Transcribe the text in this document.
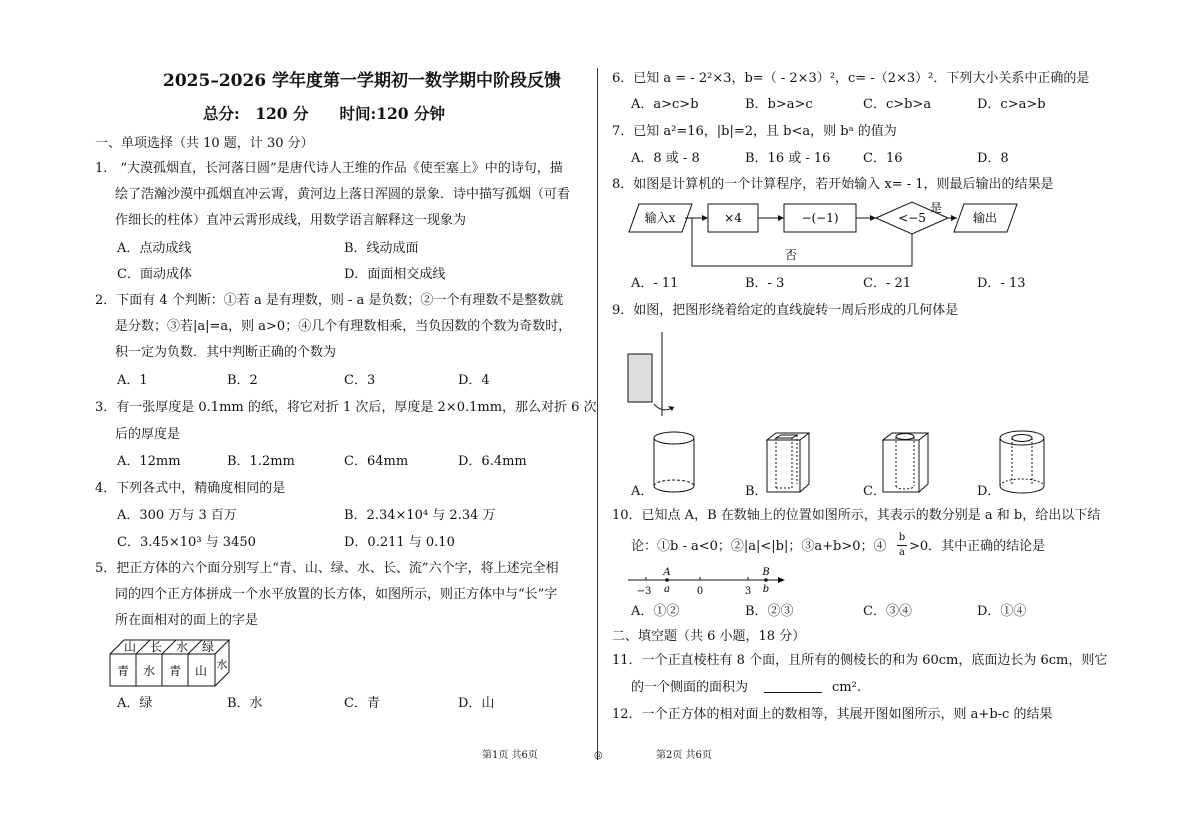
2025–2026 学年度第一学期初一数学期中阶段反馈
总分:　120 分　　时间:120 分钟
一、单项选择（共 10 题，计 30 分）
1.　“大漠孤烟直，长河落日圆”是唐代诗人王维的作品《使至塞上》中的诗句，描
绘了浩瀚沙漠中孤烟直冲云霄，黄河边上落日浑圆的景象．诗中描写孤烟（可看
作细长的柱体）直冲云霄形成线，用数学语言解释这一现象为
A．点动成线	B．线动成面
C．面动成体	D．面面相交成线
2．下面有 4 个判断：①若 a 是有理数，则 - a 是负数；②一个有理数不是整数就
是分数；③若|a|=a，则 a>0；④几个有理数相乘，当负因数的个数为奇数时，
积一定为负数．其中判断正确的个数为
A．1	B．2	C．3	D．4
3．有一张厚度是 0.1mm 的纸，将它对折 1 次后，厚度是 2×0.1mm，那么对折 6 次
后的厚度是
A．12mm	B．1.2mm	C．64mm	D．6.4mm
4．下列各式中，精确度相同的是
A．300 万与 3 百万	B．2.34×10⁴ 与 2.34 万
C．3.45×10³ 与 3450	D．0.211 与 0.10
5．把正方体的六个面分别写上“青、山、绿、水、长、流”六个字，将上述完全相
同的四个正方体拼成一个水平放置的长方体，如图所示，则正方体中与“长”字
所在面相对的面上的字是
山 长 水 绿
青 水 青 山 水
A．绿	B．水	C．青	D．山
6．已知 a = - 2²×3，b=（ - 2×3）²，c= -（2×3）²．下列大小关系中正确的是
A．a>c>b	B．b>a>c	C．c>b>a	D．c>a>b
7．已知 a²=16，|b|=2，且 b<a，则 bᵃ 的值为
A．8 或 - 8	B．16 或 - 16	C．16	D．8
8．如图是计算机的一个计算程序，若开始输入 x= - 1，则最后输出的结果是
输入x	×4	−(−1)	<−5
是
否
输出
A．- 11	B．- 3	C．- 21	D．- 13
9．如图，把图形绕着给定的直线旋转一周后形成的几何体是
A．	B．	C．	D．
10．已知点 A，B 在数轴上的位置如图所示，其表示的数分别是 a 和 b，给出以下结
论：①b - a<0；②|a|<|b|；③a+b>0；④
b
a >0．其中正确的结论是
A
a
B
b
−3	0	3
A．①②	B．②③	C．③④	D．①④
二、填空题（共 6 小题，18 分）
11．一个正直棱柱有 8 个面，且所有的侧棱长的和为 60cm，底面边长为 6cm，则它
的一个侧面的面积为	cm².
12．一个正方体的相对面上的数相等，其展开图如图所示，则 a+b-c 的结果
第1页 共6页	◎	第2页 共6页
